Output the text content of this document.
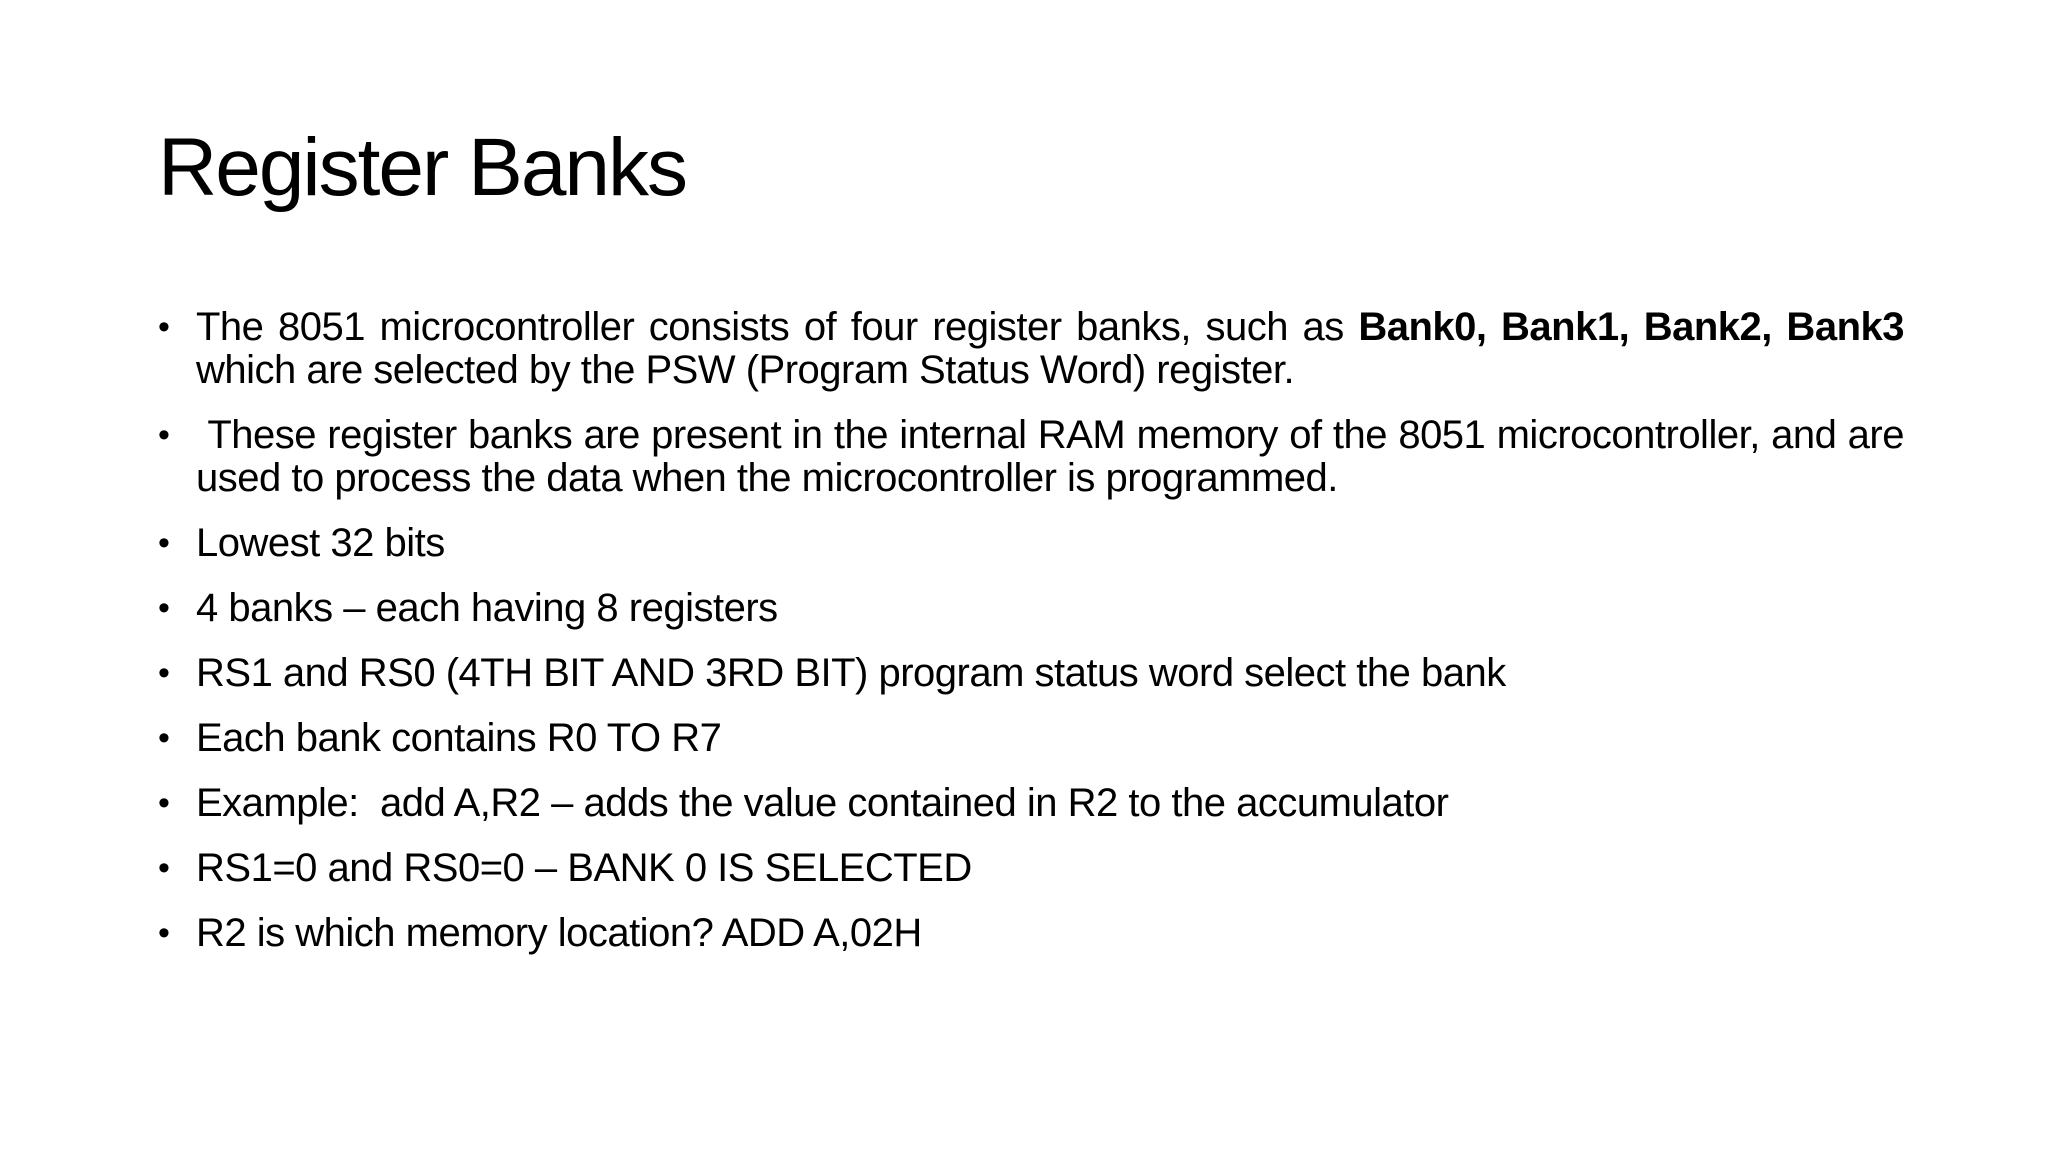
Register Banks
• The 8051 microcontroller consists of four register banks, such as Bank0, Bank1, Bank2, Bank3 which are selected by the PSW (Program Status Word) register.
• These register banks are present in the internal RAM memory of the 8051 microcontroller, and are used to process the data when the microcontroller is programmed.
• Lowest 32 bits
• 4 banks – each having 8 registers
• RS1 and RS0 (4TH BIT AND 3RD BIT) program status word select the bank
• Each bank contains R0 TO R7
• Example:  add A,R2 – adds the value contained in R2 to the accumulator
• RS1=0 and RS0=0 – BANK 0 IS SELECTED
• R2 is which memory location? ADD A,02H
